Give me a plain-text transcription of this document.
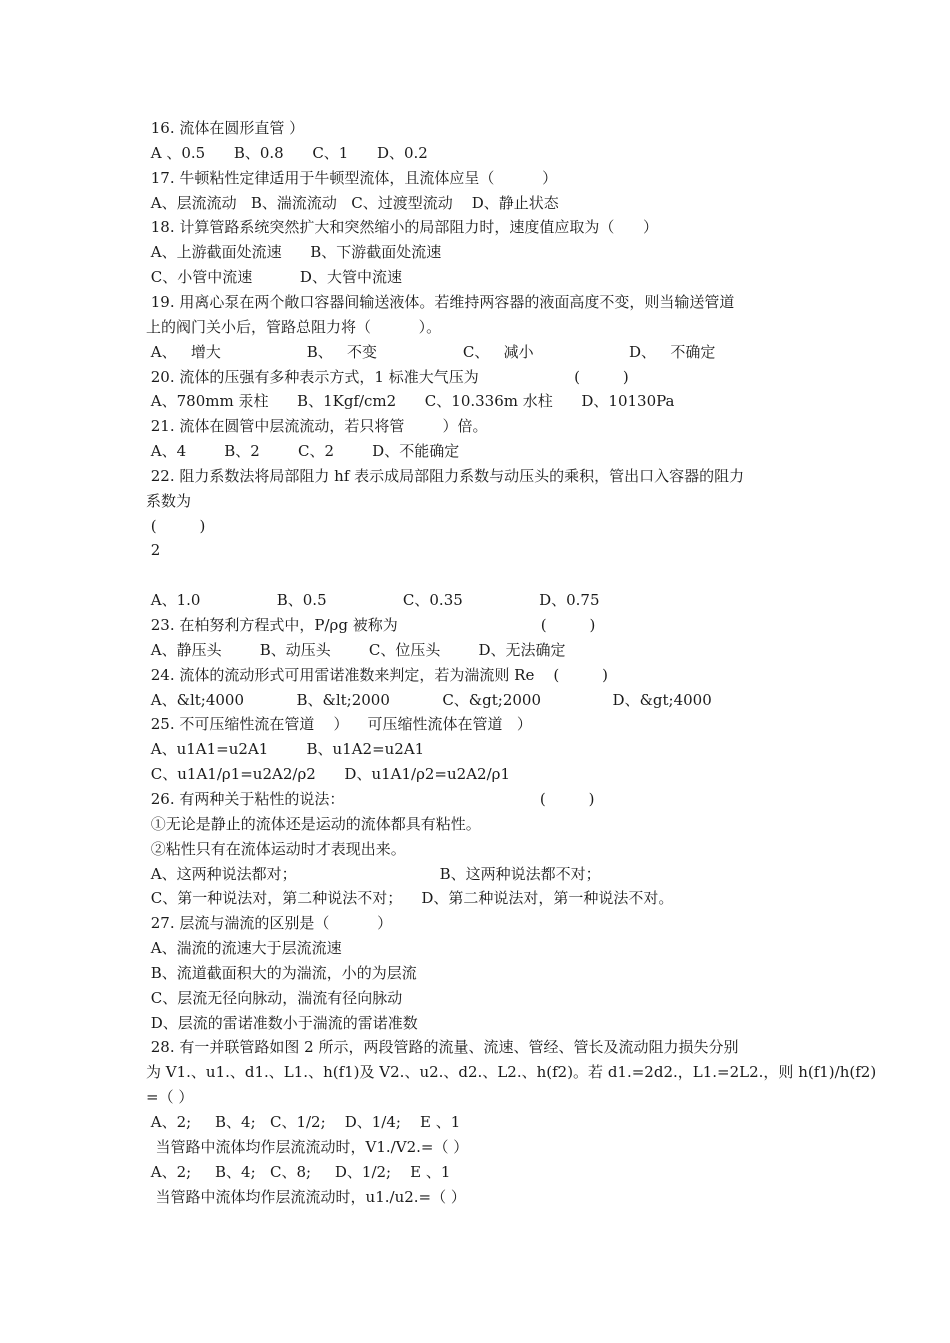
16. 流体在圆形直管 ）

A 、0.5      B、0.8      C、1      D、0.2

17. 牛顿粘性定律适用于牛顿型流体，且流体应呈（          ）

A、层流流动   B、湍流流动   C、过渡型流动    D、静止状态

18. 计算管路系统突然扩大和突然缩小的局部阻力时，速度值应取为（      ）

A、上游截面处流速      B、下游截面处流速

C、小管中流速          D、大管中流速

19. 用离心泵在两个敞口容器间输送液体。若维持两容器的液面高度不变，则当输送管道

上的阀门关小后，管路总阻力将（          ）。

A、   增大                  B、   不变                  C、   减小                    D、   不确定

20. 流体的压强有多种表示方式，1 标准大气压为                    (         )

A、780mm 汞柱      B、1Kgf/cm2      C、10.336m 水柱      D、10130Pa

21. 流体在圆管中层流流动，若只将管        ）倍。

A、4        B、2        C、2        D、不能确定

22. 阻力系数法将局部阻力 hf 表示成局部阻力系数与动压头的乘积，管出口入容器的阻力

系数为

(         )

2

A、1.0                B、0.5                C、0.35                D、0.75

23. 在柏努利方程式中，P/ρg 被称为                              (         )

A、静压头        B、动压头        C、位压头        D、无法确定

24. 流体的流动形式可用雷诺准数来判定，若为湍流则 Re    (         )

A、&lt;4000           B、&lt;2000           C、&gt;2000               D、&gt;4000

25. 不可压缩性流在管道    ）    可压缩性流体在管道   ）

A、u1A1=u2A1        B、u1A2=u2A1

C、u1A1/ρ1=u2A2/ρ2      D、u1A1/ρ2=u2A2/ρ1

26. 有两种关于粘性的说法：                                         (         )

①无论是静止的流体还是运动的流体都具有粘性。

②粘性只有在流体运动时才表现出来。

A、这两种说法都对；                              B、这两种说法都不对；

C、第一种说法对，第二种说法不对；    D、第二种说法对，第一种说法不对。

27. 层流与湍流的区别是（          ）

A、湍流的流速大于层流流速

B、流道截面积大的为湍流，小的为层流

C、层流无径向脉动，湍流有径向脉动

D、层流的雷诺准数小于湍流的雷诺准数

28. 有一并联管路如图 2 所示，两段管路的流量、流速、管经、管长及流动阻力损失分别

为 V1.、u1.、d1.、L1.、h(f1)及 V2.、u2.、d2.、L2.、h(f2)。若 d1.=2d2.，L1.=2L2.，则 h(f1)/h(f2)

=（ ）

A、2;     B、4;   C、1/2;    D、1/4;    E 、1

当管路中流体均作层流流动时，V1./V2.=（ ）

A、2;     B、4;   C、8;     D、1/2;    E 、1

当管路中流体均作层流流动时，u1./u2.=（ ）
